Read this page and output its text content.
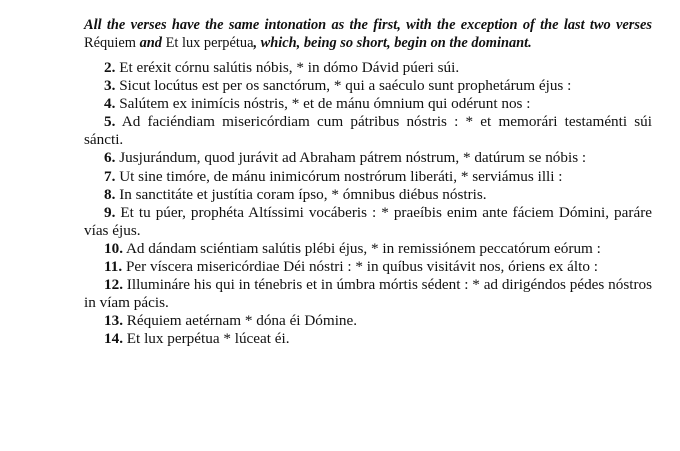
All the verses have the same intonation as the first, with the exception of the last two verses Réquiem and Et lux perpétua, which, being so short, begin on the dominant.

2. Et eréxit córnu salútis nóbis, * in dómo Dávid púeri súi.

3. Sicut locútus est per os sanctórum, * qui a saéculo sunt prophetárum éjus :

4. Salútem ex inimícis nóstris, * et de mánu ómnium qui odérunt nos :

5. Ad faciéndiam misericórdiam cum pátribus nóstris : * et memorári testaménti súi sáncti.

6. Jusjurándum, quod jurávit ad Abraham pátrem nóstrum, * datúrum se nóbis :

7. Ut sine timóre, de mánu inimicórum nostrórum liberáti, * serviámus illi :

8. In sanctitáte et justítia coram ípso, * ómnibus diébus nóstris.

9. Et tu púer, prophéta Altíssimi vocáberis : * praeíbis enim ante fáciem Dómini, paráre vías éjus.

10. Ad dándam sciéntiam salútis plébi éjus, * in remissiónem peccatórum eórum :

11. Per víscera misericórdiae Déi nóstri : * in quíbus visitávit nos, óriens ex álto :

12. Illumináre his qui in ténebris et in úmbra mórtis sédent : * ad dirigéndos pédes nóstros in víam pácis.

13. Réquiem aetérnam * dóna éi Dómine.

14. Et lux perpétua * lúceat éi.
